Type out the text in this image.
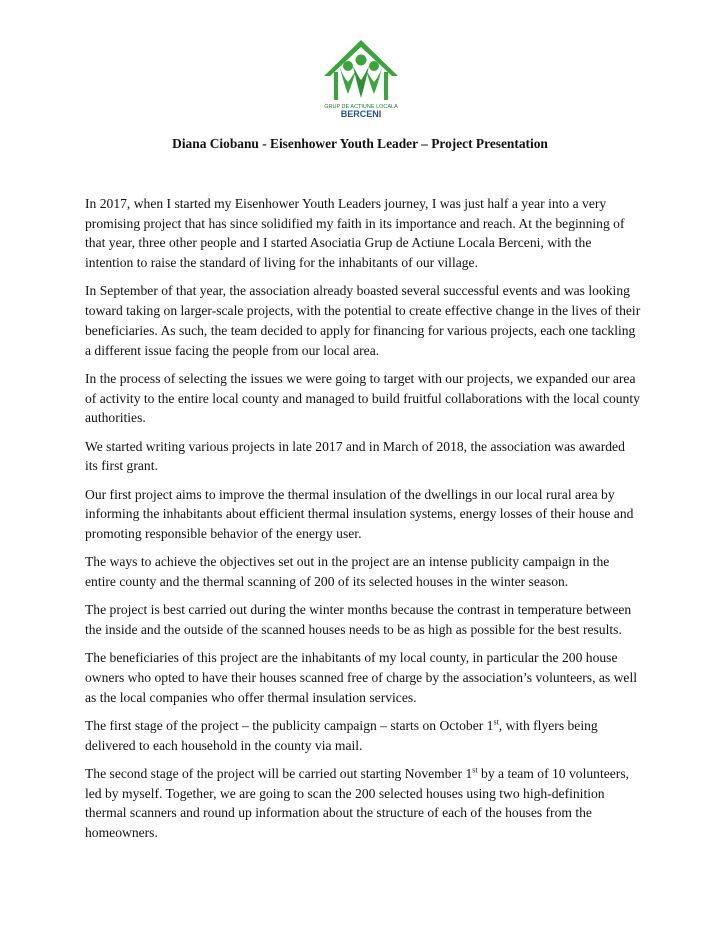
GRUP DE ACTIUNE LOCALA
BERCENI
Diana Ciobanu - Eisenhower Youth Leader – Project Presentation

In 2017, when I started my Eisenhower Youth Leaders journey, I was just half a year into a very promising project that has since solidified my faith in its importance and reach. At the beginning of that year, three other people and I started Asociatia Grup de Actiune Locala Berceni, with the intention to raise the standard of living for the inhabitants of our village.

In September of that year, the association already boasted several successful events and was looking toward taking on larger-scale projects, with the potential to create effective change in the lives of their beneficiaries. As such, the team decided to apply for financing for various projects, each one tackling a different issue facing the people from our local area.

In the process of selecting the issues we were going to target with our projects, we expanded our area of activity to the entire local county and managed to build fruitful collaborations with the local county authorities.

We started writing various projects in late 2017 and in March of 2018, the association was awarded its first grant.

Our first project aims to improve the thermal insulation of the dwellings in our local rural area by informing the inhabitants about efficient thermal insulation systems, energy losses of their house and promoting responsible behavior of the energy user.

The ways to achieve the objectives set out in the project are an intense publicity campaign in the entire county and the thermal scanning of 200 of its selected houses in the winter season.

The project is best carried out during the winter months because the contrast in temperature between the inside and the outside of the scanned houses needs to be as high as possible for the best results.

The beneficiaries of this project are the inhabitants of my local county, in particular the 200 house owners who opted to have their houses scanned free of charge by the association’s volunteers, as well as the local companies who offer thermal insulation services.

The first stage of the project – the publicity campaign – starts on October 1st, with flyers being delivered to each household in the county via mail.

The second stage of the project will be carried out starting November 1st by a team of 10 volunteers, led by myself. Together, we are going to scan the 200 selected houses using two high-definition thermal scanners and round up information about the structure of each of the houses from the homeowners.
